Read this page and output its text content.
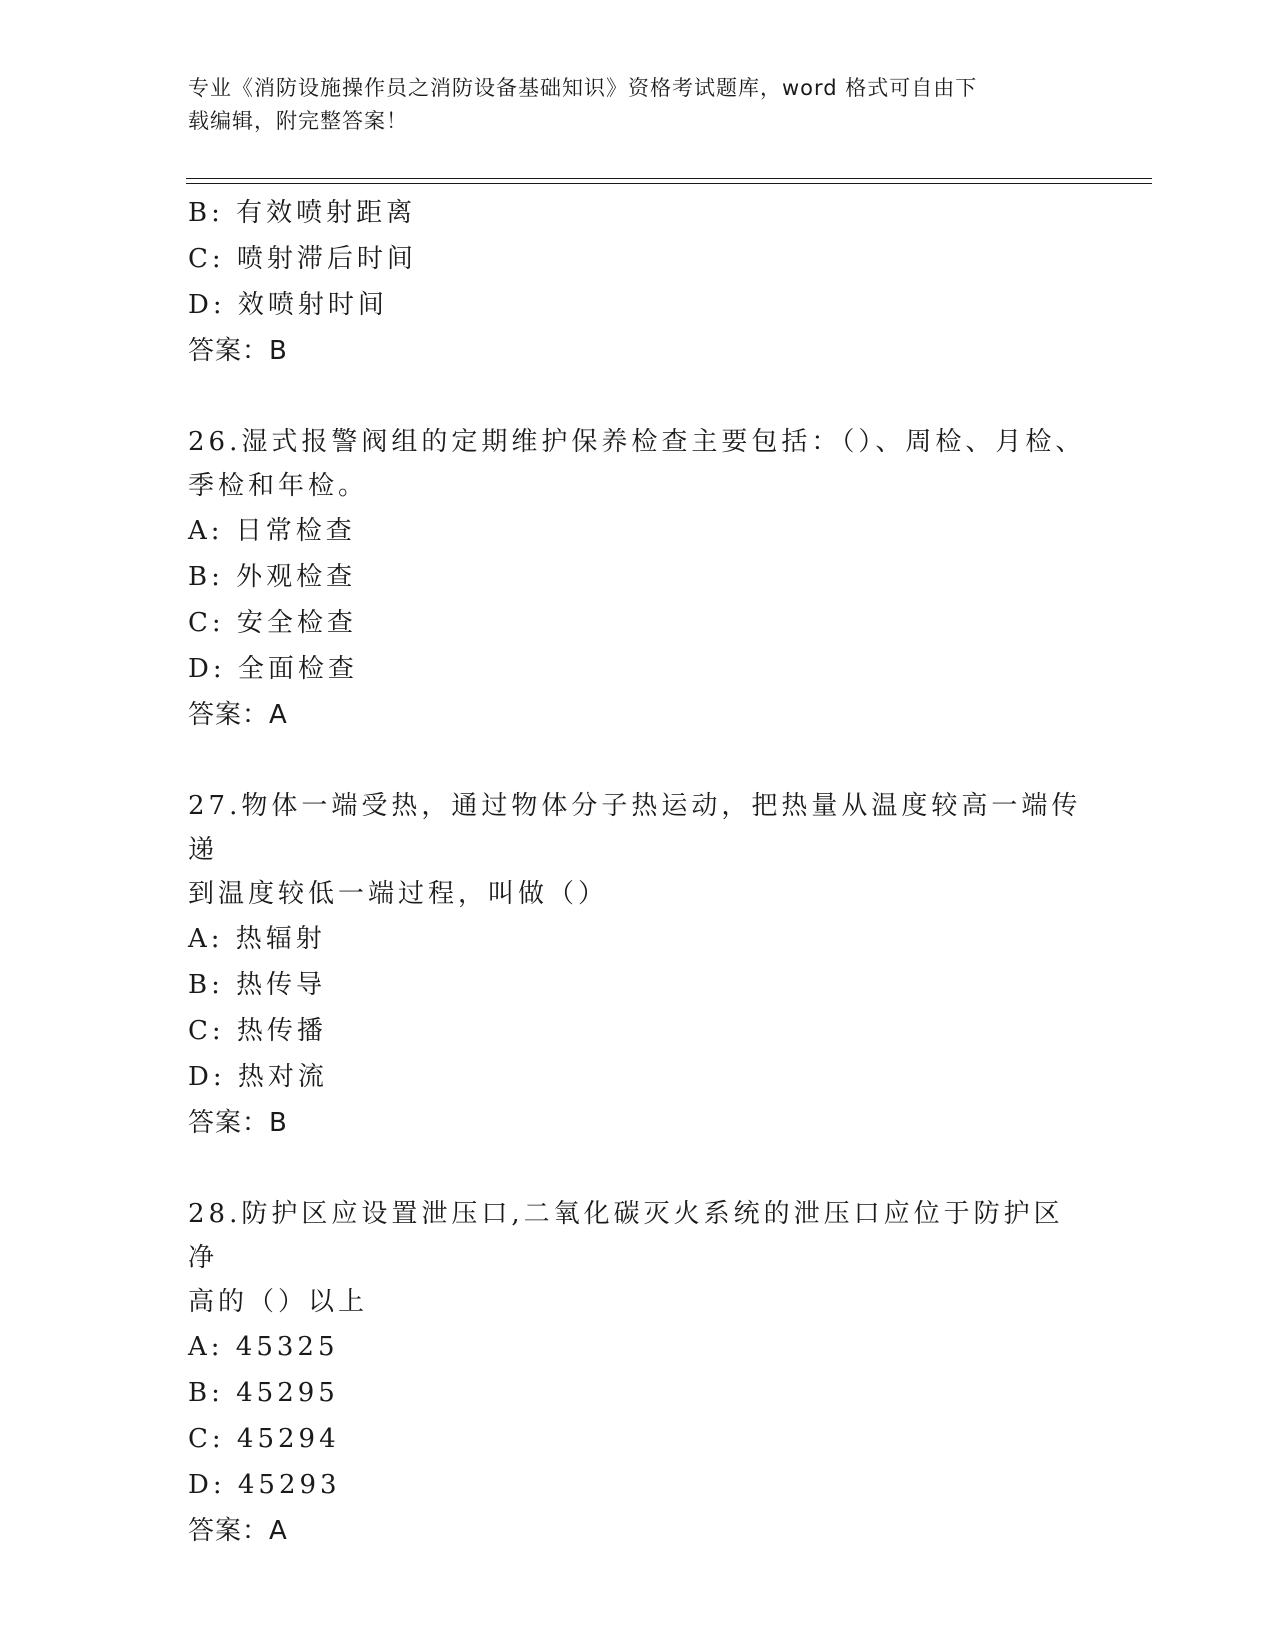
专业《消防设施操作员之消防设备基础知识》资格考试题库，word 格式可自由下
载编辑，附完整答案！
B: 有效喷射距离
C: 喷射滞后时间
D: 效喷射时间
答案：B
26.湿式报警阀组的定期维护保养检查主要包括：（）、周检、月检、
季检和年检。
A: 日常检查
B: 外观检查
C: 安全检查
D: 全面检查
答案：A
27.物体一端受热，通过物体分子热运动，把热量从温度较高一端传递
到温度较低一端过程，叫做（）
A: 热辐射
B: 热传导
C: 热传播
D: 热对流
答案：B
28.防护区应设置泄压口,二氧化碳灭火系统的泄压口应位于防护区净
高的（）以上
A: 45325
B: 45295
C: 45294
D: 45293
答案：A
